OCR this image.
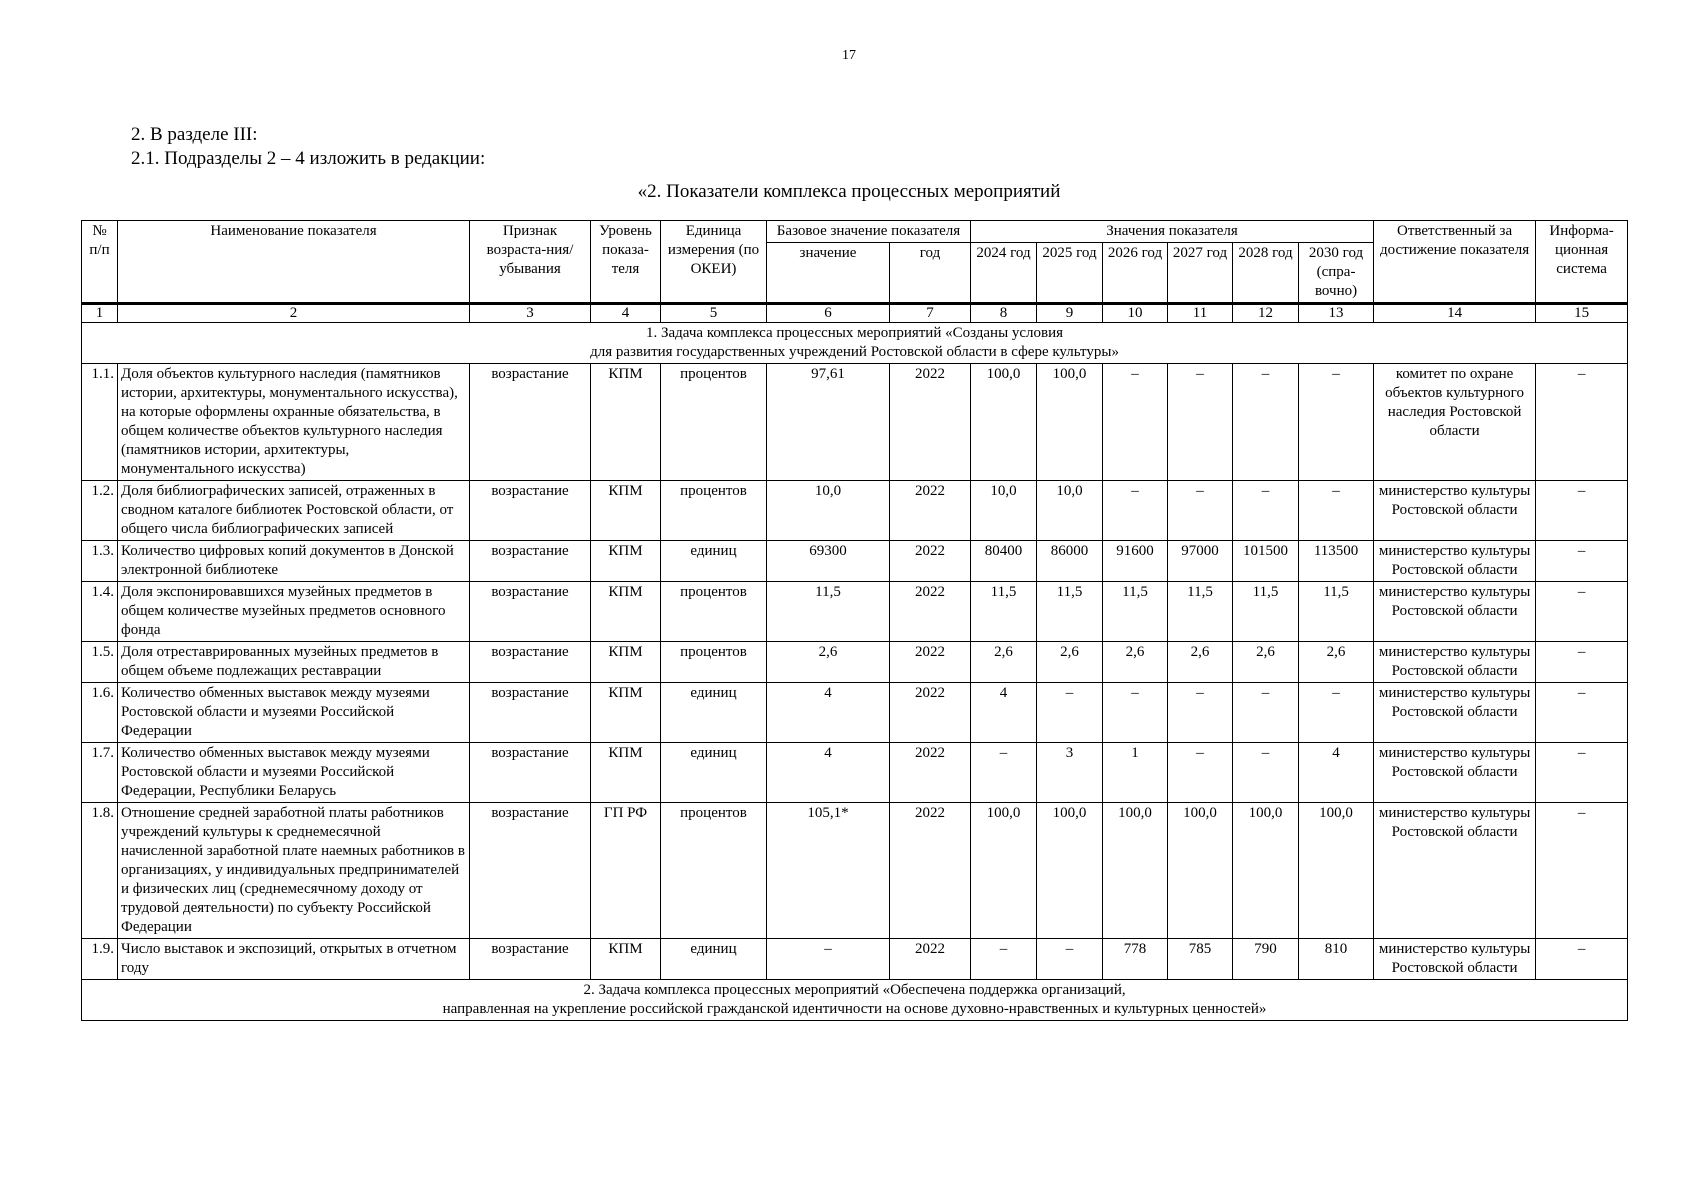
17
2. В разделе III:
2.1. Подразделы 2 – 4 изложить в редакции:
«2. Показатели комплекса процессных мероприятий
№ п/п	Наименование показателя	Признак возраста-ния/убывания	Уровень показа-теля	Единица измерения (по ОКЕИ)	Базовое значение показателя		Значения показателя						Ответственный за достижение показателя	Информа-ционная система
					значение	год	2024 год	2025 год	2026 год	2027 год	2028 год	2030 год (спра-вочно)		
1	2	3	4	5	6	7	8	9	10	11	12	13	14	15

1. Задача комплекса процессных мероприятий «Созданы условия
для развития государственных учреждений Ростовской области в сфере культуры»														

1.1.	Доля объектов культурного наследия (памятников истории, архитектуры, монументального искусства), на которые оформлены охранные обязательства, в общем количестве объектов культурного наследия (памятников истории, архитектуры, монументального искусства)	возрастание	КПМ	процентов	97,61	2022	100,0	100,0	–	–	–	–	комитет по охране объектов культурного наследия Ростовской области	–
1.2.	Доля библиографических записей, отраженных в сводном каталоге библиотек Ростовской области, от общего числа библиографических записей	возрастание	КПМ	процентов	10,0	2022	10,0	10,0	–	–	–	–	министерство культуры Ростовской области	–
1.3.	Количество цифровых копий документов в Донской электронной библиотеке	возрастание	КПМ	единиц	69300	2022	80400	86000	91600	97000	101500	113500	министерство культуры Ростовской области	–
1.4.	Доля экспонировавшихся музейных предметов в общем количестве музейных предметов основного фонда	возрастание	КПМ	процентов	11,5	2022	11,5	11,5	11,5	11,5	11,5	11,5	министерство культуры Ростовской области	–
1.5.	Доля отреставрированных музейных предметов в общем объеме подлежащих реставрации	возрастание	КПМ	процентов	2,6	2022	2,6	2,6	2,6	2,6	2,6	2,6	министерство культуры Ростовской области	–
1.6.	Количество обменных выставок между музеями Ростовской области и музеями Российской Федерации	возрастание	КПМ	единиц	4	2022	4	–	–	–	–	–	министерство культуры Ростовской области	–
1.7.	Количество обменных выставок между музеями Ростовской области и музеями Российской Федерации, Республики Беларусь	возрастание	КПМ	единиц	4	2022	–	3	1	–	–	4	министерство культуры Ростовской области	–
1.8.	Отношение средней заработной платы работников учреждений культуры к среднемесячной начисленной заработной плате наемных работников в организациях, у индивидуальных предпринимателей и физических лиц (среднемесячному доходу от трудовой деятельности) по субъекту Российской Федерации	возрастание	ГП РФ	процентов	105,1*	2022	100,0	100,0	100,0	100,0	100,0	100,0	министерство культуры Ростовской области	–
1.9.	Число выставок и экспозиций, открытых в отчетном году	возрастание	КПМ	единиц	–	2022	–	–	778	785	790	810	министерство культуры Ростовской области	–

2. Задача комплекса процессных мероприятий «Обеспечена поддержка организаций,
направленная на укрепление российской гражданской идентичности на основе духовно-нравственных и культурных ценностей»														
